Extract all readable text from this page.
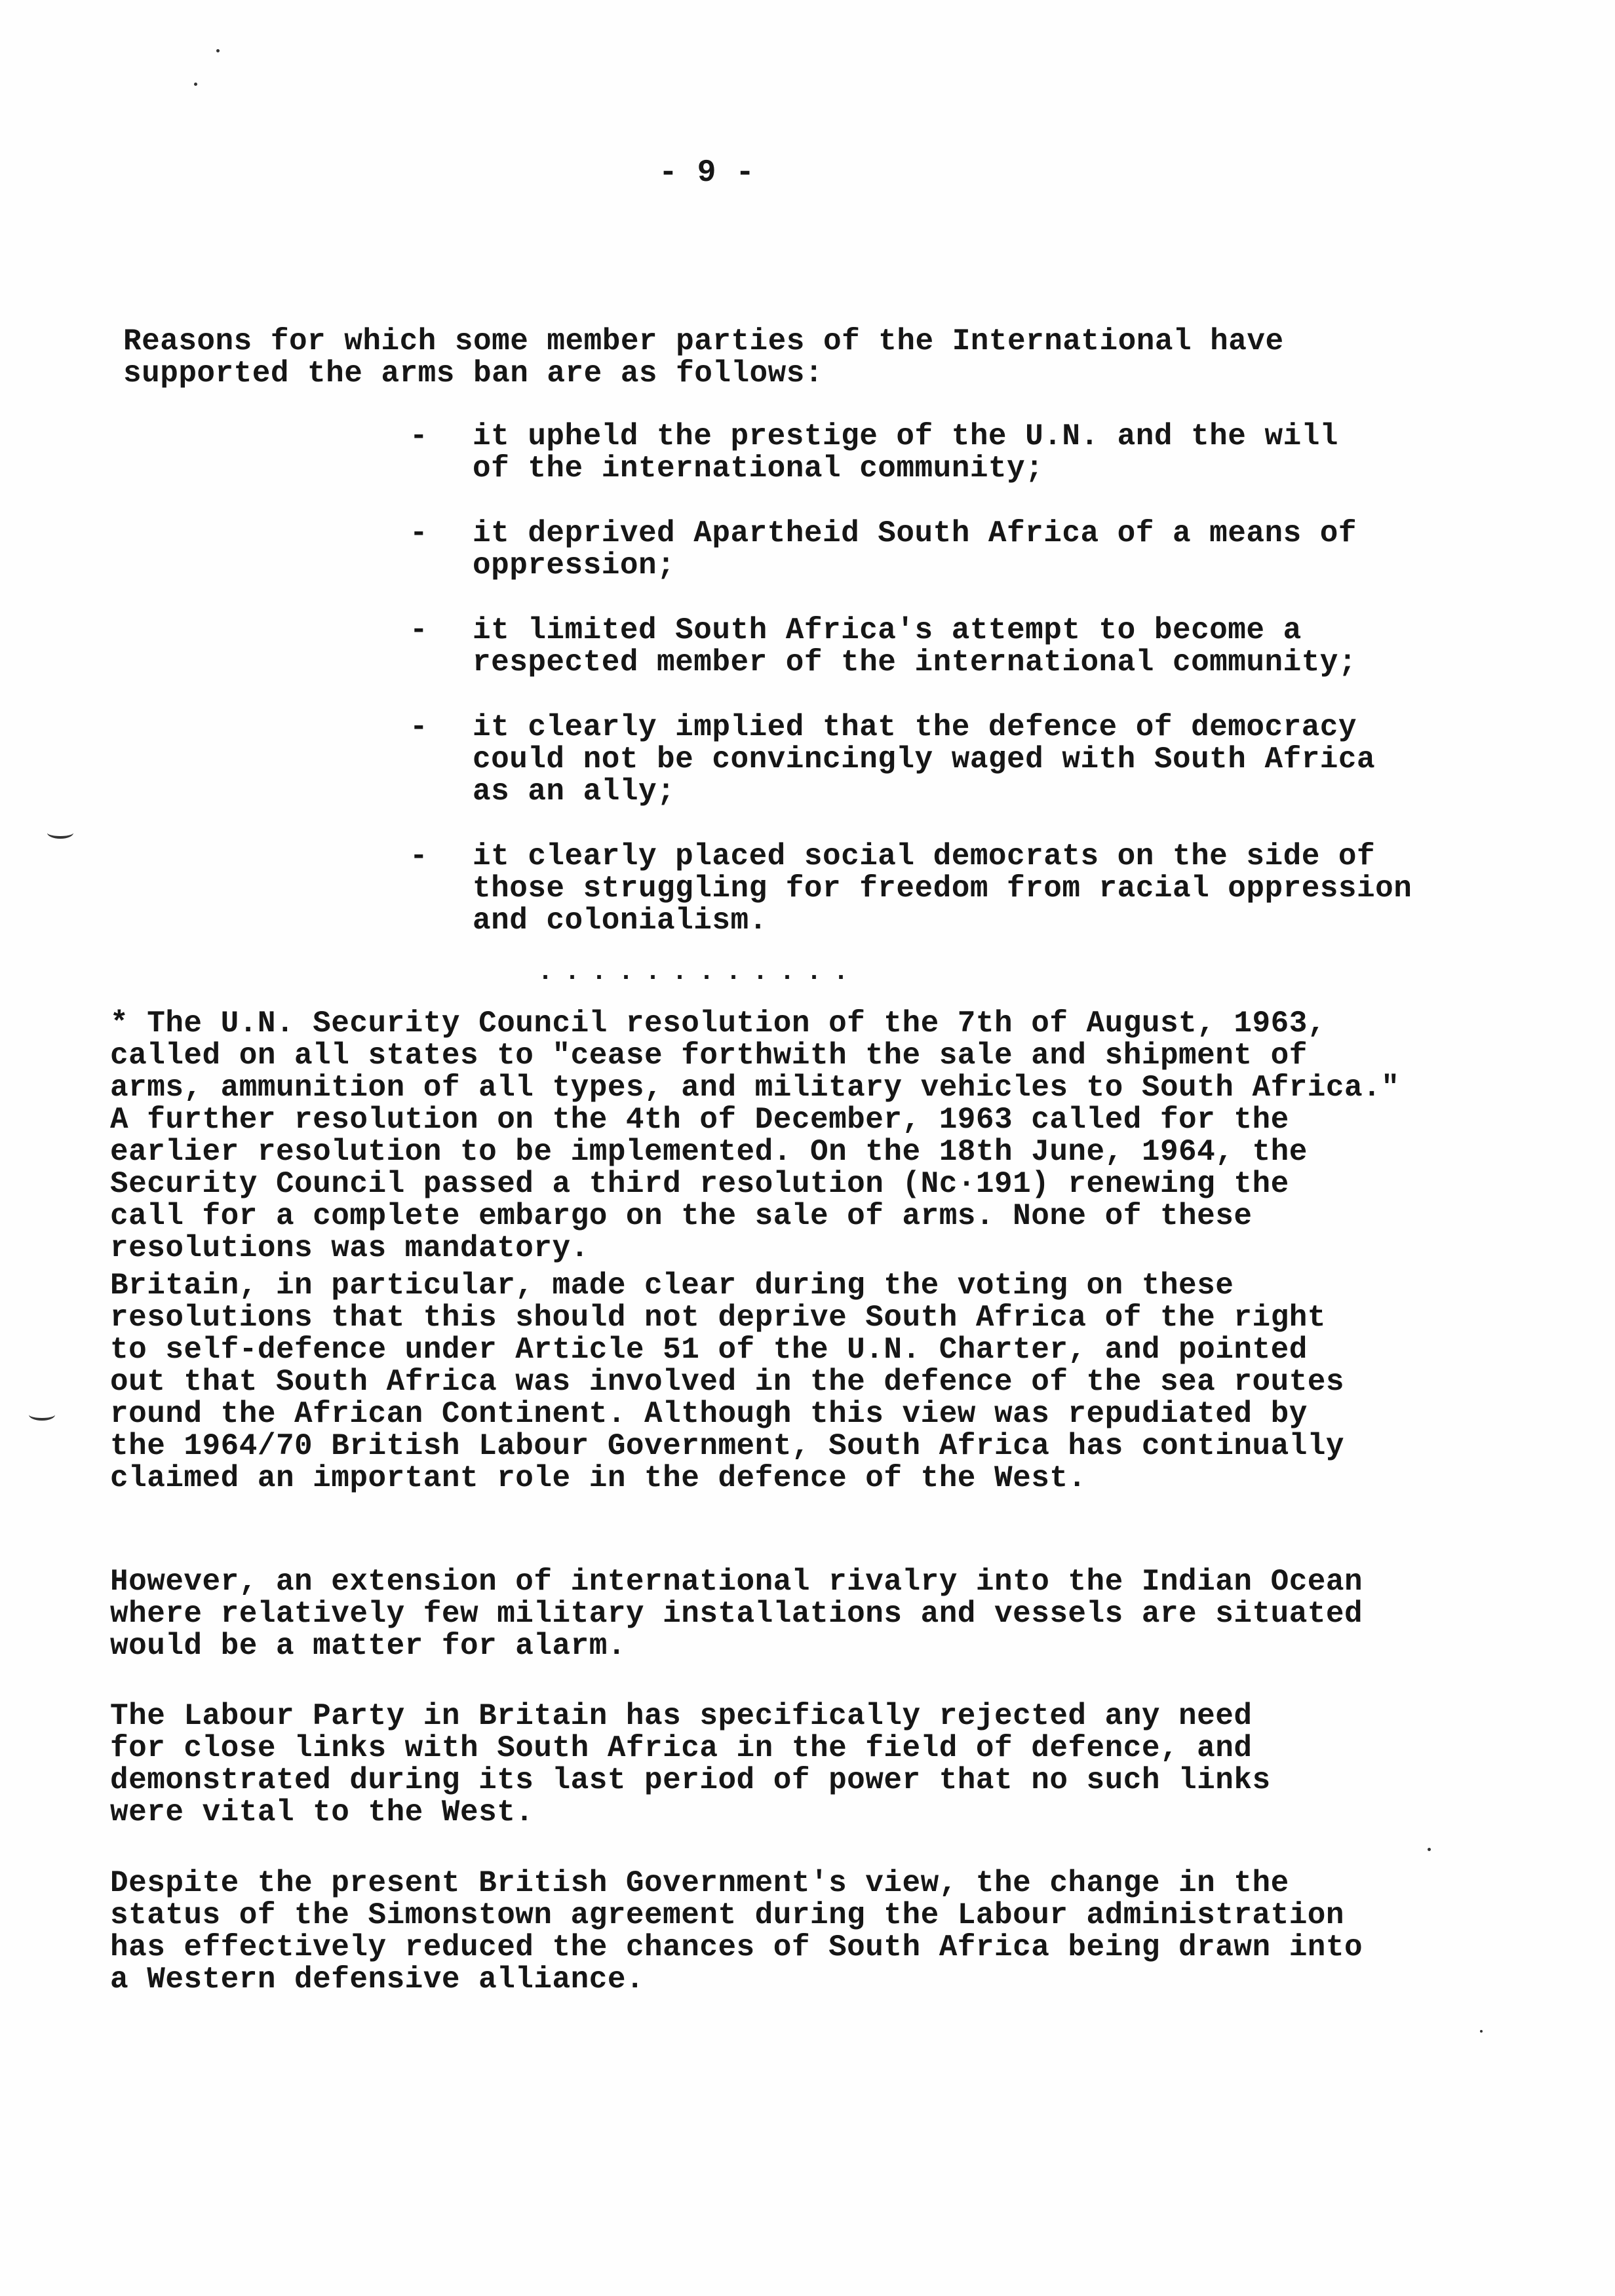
- 9 -
Reasons for which some member parties of the International have
supported the arms ban are as follows:
- it upheld the prestige of the U.N. and the will
of the international community;
- it deprived Apartheid South Africa of a means of
oppression;
- it limited South Africa's attempt to become a
respected member of the international community;
- it clearly implied that the defence of democracy
could not be convincingly waged with South Africa
as an ally;
- it clearly placed social democrats on the side of
those struggling for freedom from racial oppression
and colonialism.
............
* The U.N. Security Council resolution of the 7th of August, 1963,
called on all states to "cease forthwith the sale and shipment of
arms, ammunition of all types, and military vehicles to South Africa."
A further resolution on the 4th of December, 1963 called for the
earlier resolution to be implemented. On the 18th June, 1964, the
Security Council passed a third resolution (Nc·191) renewing the
call for a complete embargo on the sale of arms. None of these
resolutions was mandatory.
Britain, in particular, made clear during the voting on these
resolutions that this should not deprive South Africa of the right
to self-defence under Article 51 of the U.N. Charter, and pointed
out that South Africa was involved in the defence of the sea routes
round the African Continent. Although this view was repudiated by
the 1964/70 British Labour Government, South Africa has continually
claimed an important role in the defence of the West.
However, an extension of international rivalry into the Indian Ocean
where relatively few military installations and vessels are situated
would be a matter for alarm.
The Labour Party in Britain has specifically rejected any need
for close links with South Africa in the field of defence, and
demonstrated during its last period of power that no such links
were vital to the West.
Despite the present British Government's view, the change in the
status of the Simonstown agreement during the Labour administration
has effectively reduced the chances of South Africa being drawn into
a Western defensive alliance.
